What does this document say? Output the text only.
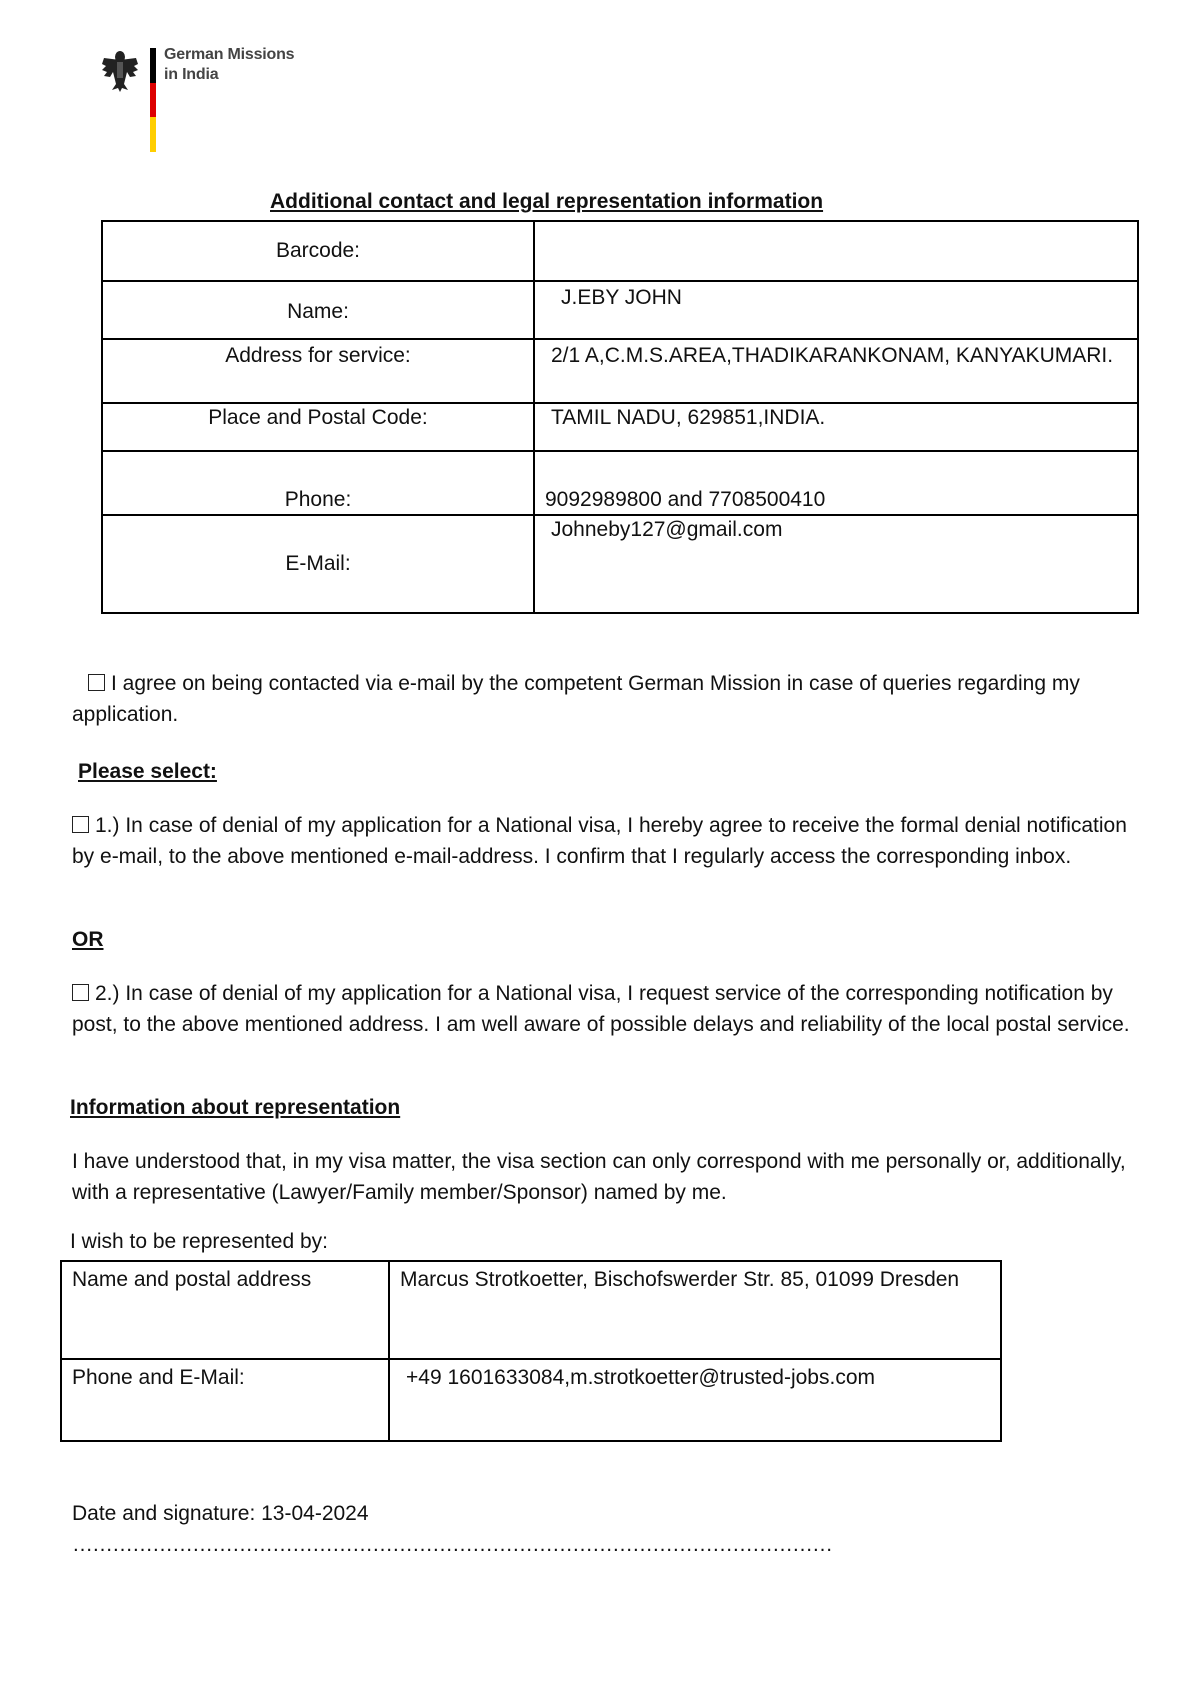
German Missions
in India
Additional contact and legal representation information
Barcode:	
Name:	J.EBY JOHN
Address for service:	2/1 A,C.M.S.AREA,THADIKARANKONAM, KANYAKUMARI.
Place and Postal Code:	TAMIL NADU, 629851,INDIA.
Phone:	9092989800 and 7708500410
E-Mail:	Johneby127@gmail.com
I agree on being contacted via e-mail by the competent German Mission in case of queries regarding my application.
Please select:
1.) In case of denial of my application for a National visa, I hereby agree to receive the formal denial notification by e-mail, to the above mentioned e-mail-address. I confirm that I regularly access the corresponding inbox.
OR
2.) In case of denial of my application for a National visa, I request service of the corresponding notification by post, to the above mentioned address. I am well aware of possible delays and reliability of the local postal service.
Information about representation
I have understood that, in my visa matter, the visa section can only correspond with me personally or, additionally, with a representative (Lawyer/Family member/Sponsor) named by me.
I wish to be represented by:
Name and postal address	Marcus Strotkoetter, Bischofswerder Str. 85, 01099 Dresden
Phone and E-Mail:	+49 1601633084,m.strotkoetter@trusted-jobs.com
Date and signature: 13-04-2024 ……………………………………………………………………………………………………
